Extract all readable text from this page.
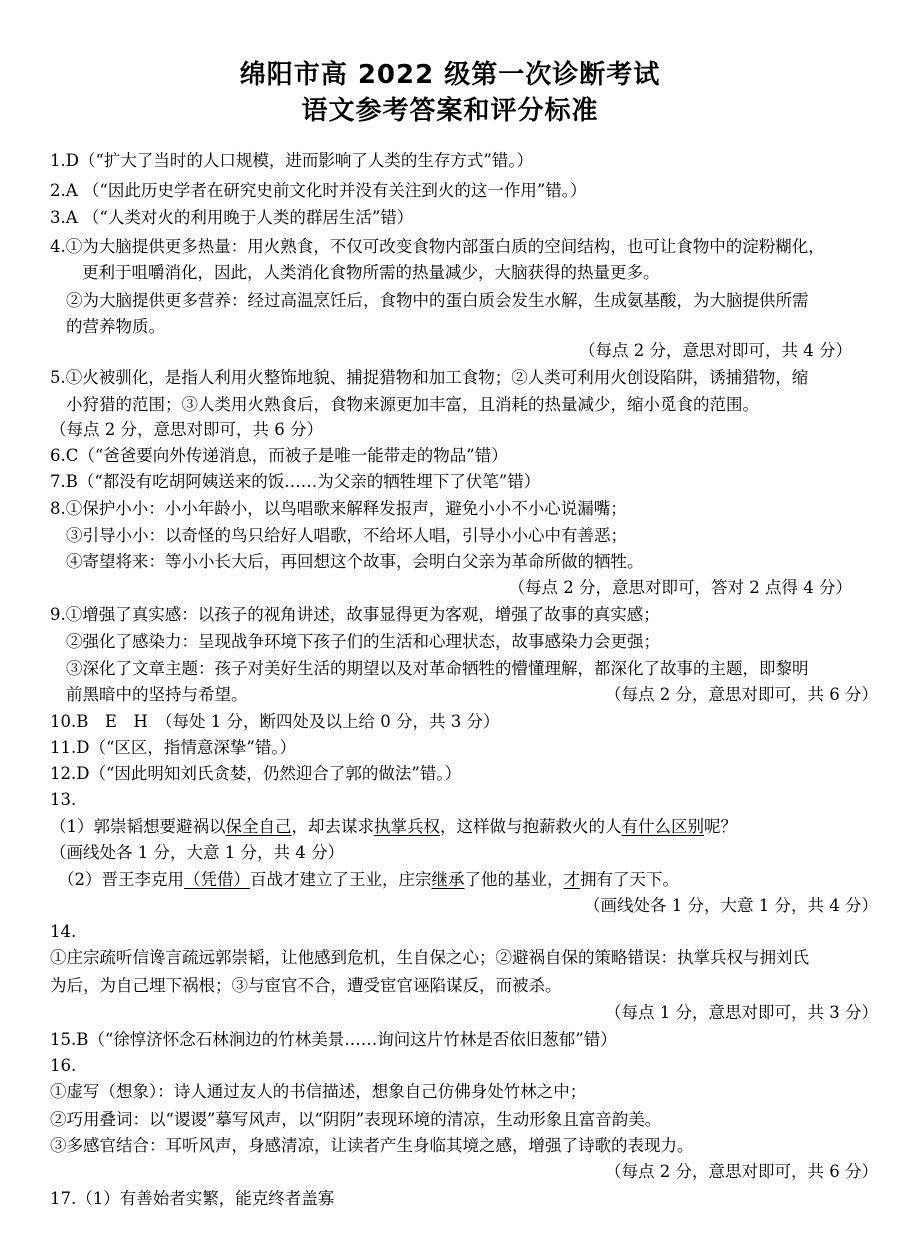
绵阳市高 2022 级第一次诊断考试
语文参考答案和评分标准
1.D（“扩大了当时的人口规模，进而影响了人类的生存方式”错。）
2.A （“因此历史学者在研究史前文化时并没有关注到火的这一作用”错。）
3.A （“人类对火的利用晚于人类的群居生活”错）
4.①为大脑提供更多热量：用火熟食，不仅可改变食物内部蛋白质的空间结构，也可让食物中的淀粉糊化，
更利于咀嚼消化，因此，人类消化食物所需的热量减少，大脑获得的热量更多。
②为大脑提供更多营养：经过高温烹饪后，食物中的蛋白质会发生水解，生成氨基酸，为大脑提供所需
的营养物质。
（每点 2 分，意思对即可，共 4 分）
5.①火被驯化，是指人利用火整饰地貌、捕捉猎物和加工食物；②人类可利用火创设陷阱，诱捕猎物，缩
小狩猎的范围；③人类用火熟食后，食物来源更加丰富，且消耗的热量减少，缩小觅食的范围。
（每点 2 分，意思对即可，共 6 分）
6.C（“爸爸要向外传递消息，而被子是唯一能带走的物品”错）
7.B（“都没有吃胡阿姨送来的饭……为父亲的牺牲埋下了伏笔”错）
8.①保护小小：小小年龄小，以鸟唱歌来解释发报声，避免小小不小心说漏嘴；
③引导小小：以奇怪的鸟只给好人唱歌，不给坏人唱，引导小小心中有善恶；
④寄望将来：等小小长大后，再回想这个故事，会明白父亲为革命所做的牺牲。
（每点 2 分，意思对即可，答对 2 点得 4 分）
9.①增强了真实感：以孩子的视角讲述，故事显得更为客观，增强了故事的真实感；
②强化了感染力：呈现战争环境下孩子们的生活和心理状态，故事感染力会更强；
③深化了文章主题：孩子对美好生活的期望以及对革命牺牲的懵懂理解，都深化了故事的主题，即黎明
前黑暗中的坚持与希望。	（每点 2 分，意思对即可，共 6 分）
10.B　E　H　（每处 1 分，断四处及以上给 0 分，共 3 分）
11.D（“区区，指情意深挚”错。）
12.D（“因此明知刘氏贪婪，仍然迎合了郭的做法”错。）
13.
（1）郭崇韬想要避祸以保全自己，却去谋求执掌兵权，这样做与抱薪救火的人有什么区别呢？
（画线处各 1 分，大意 1 分，共 4 分）
（2）晋王李克用（凭借）百战才建立了王业，庄宗继承了他的基业，才拥有了天下。
（画线处各 1 分，大意 1 分，共 4 分）
14.
①庄宗疏听信谗言疏远郭崇韬，让他感到危机，生自保之心；②避祸自保的策略错误：执掌兵权与拥刘氏
为后，为自己埋下祸根；③与宦官不合，遭受宦官诬陷谋反，而被杀。
（每点 1 分，意思对即可，共 3 分）
15.B（“徐惇济怀念石林涧边的竹林美景……询问这片竹林是否依旧葱郁”错）
16.
①虚写（想象）：诗人通过友人的书信描述，想象自己仿佛身处竹林之中；
②巧用叠词：以“谡谡”摹写风声，以“阴阴”表现环境的清凉，生动形象且富音韵美。
③多感官结合：耳听风声，身感清凉，让读者产生身临其境之感，增强了诗歌的表现力。
（每点 2 分，意思对即可，共 6 分）
17.（1）有善始者实繁，能克终者盖寡
